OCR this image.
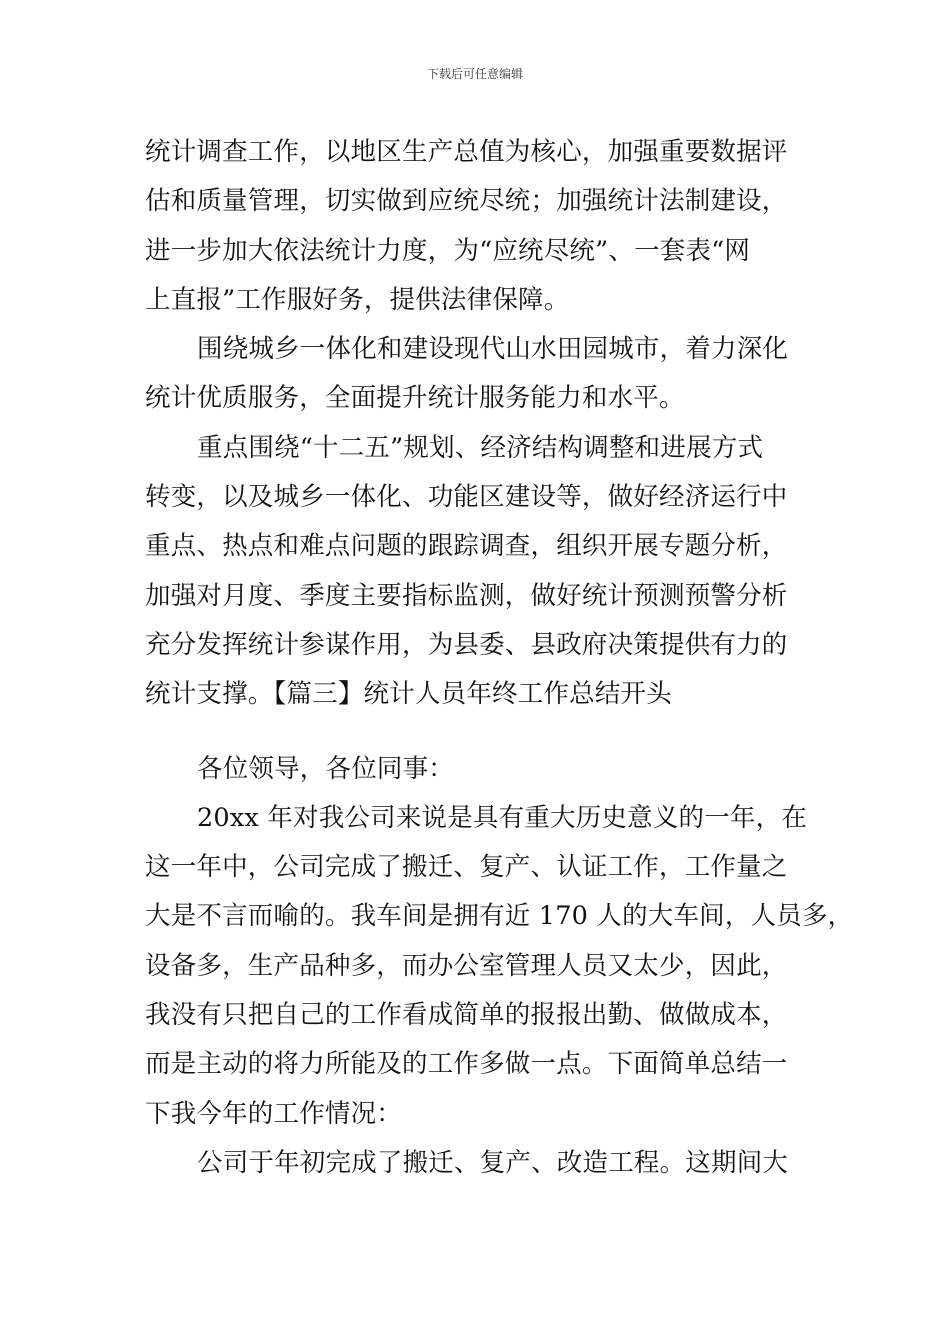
下载后可任意编辑
统计调查工作，以地区生产总值为核心，加强重要数据评
估和质量管理，切实做到应统尽统；加强统计法制建设，
进一步加大依法统计力度，为“应统尽统”、一套表“网
上直报”工作服好务，提供法律保障。
围绕城乡一体化和建设现代山水田园城市，着力深化
统计优质服务，全面提升统计服务能力和水平。
重点围绕“十二五”规划、经济结构调整和进展方式
转变，以及城乡一体化、功能区建设等，做好经济运行中
重点、热点和难点问题的跟踪调查，组织开展专题分析，
加强对月度、季度主要指标监测，做好统计预测预警分析
充分发挥统计参谋作用，为县委、县政府决策提供有力的
统计支撑。【篇三】统计人员年终工作总结开头
各位领导，各位同事：
20xx 年对我公司来说是具有重大历史意义的一年，在
这一年中，公司完成了搬迁、复产、认证工作，工作量之
大是不言而喻的。我车间是拥有近 170 人的大车间，人员多，
设备多，生产品种多，而办公室管理人员又太少，因此，
我没有只把自己的工作看成简单的报报出勤、做做成本，
而是主动的将力所能及的工作多做一点。下面简单总结一
下我今年的工作情况：
公司于年初完成了搬迁、复产、改造工程。这期间大
